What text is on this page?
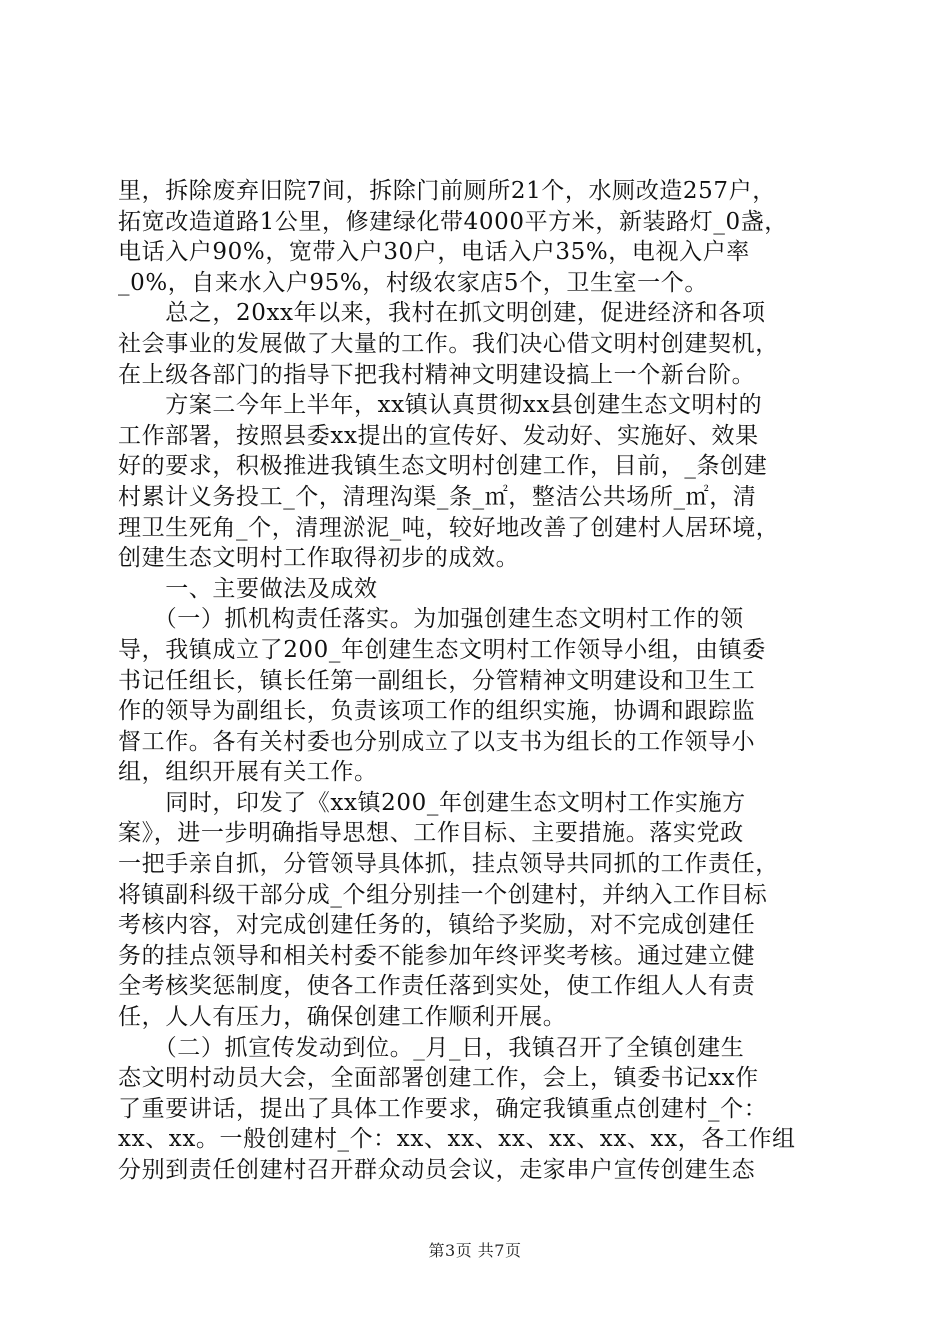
里，拆除废弃旧院7间，拆除门前厕所21个，水厕改造257户，
拓宽改造道路1公里，修建绿化带4000平方米，新装路灯_0盏，
电话入户90%，宽带入户30户，电话入户35%，电视入户率
_0%，自来水入户95%，村级农家店5个，卫生室一个。
　　总之，20xx年以来，我村在抓文明创建，促进经济和各项
社会事业的发展做了大量的工作。我们决心借文明村创建契机，
在上级各部门的指导下把我村精神文明建设搞上一个新台阶。
　　方案二今年上半年，xx镇认真贯彻xx县创建生态文明村的
工作部署，按照县委xx提出的宣传好、发动好、实施好、效果
好的要求，积极推进我镇生态文明村创建工作，目前，_条创建
村累计义务投工_个，清理沟渠_条_㎡，整洁公共场所_㎡，清
理卫生死角_个，清理淤泥_吨，较好地改善了创建村人居环境，
创建生态文明村工作取得初步的成效。
　　一、主要做法及成效
　　（一）抓机构责任落实。为加强创建生态文明村工作的领
导，我镇成立了200_年创建生态文明村工作领导小组，由镇委
书记任组长，镇长任第一副组长，分管精神文明建设和卫生工
作的领导为副组长，负责该项工作的组织实施，协调和跟踪监
督工作。各有关村委也分别成立了以支书为组长的工作领导小
组，组织开展有关工作。
　　同时，印发了《xx镇200_年创建生态文明村工作实施方
案》，进一步明确指导思想、工作目标、主要措施。落实党政
一把手亲自抓，分管领导具体抓，挂点领导共同抓的工作责任，
将镇副科级干部分成_个组分别挂一个创建村，并纳入工作目标
考核内容，对完成创建任务的，镇给予奖励，对不完成创建任
务的挂点领导和相关村委不能参加年终评奖考核。通过建立健
全考核奖惩制度，使各工作责任落到实处，使工作组人人有责
任，人人有压力，确保创建工作顺利开展。
　　（二）抓宣传发动到位。_月_日，我镇召开了全镇创建生
态文明村动员大会，全面部署创建工作，会上，镇委书记xx作
了重要讲话，提出了具体工作要求，确定我镇重点创建村_个：
xx、xx。一般创建村_个：xx、xx、xx、xx、xx、xx，各工作组
分别到责任创建村召开群众动员会议，走家串户宣传创建生态
第3页 共7页
